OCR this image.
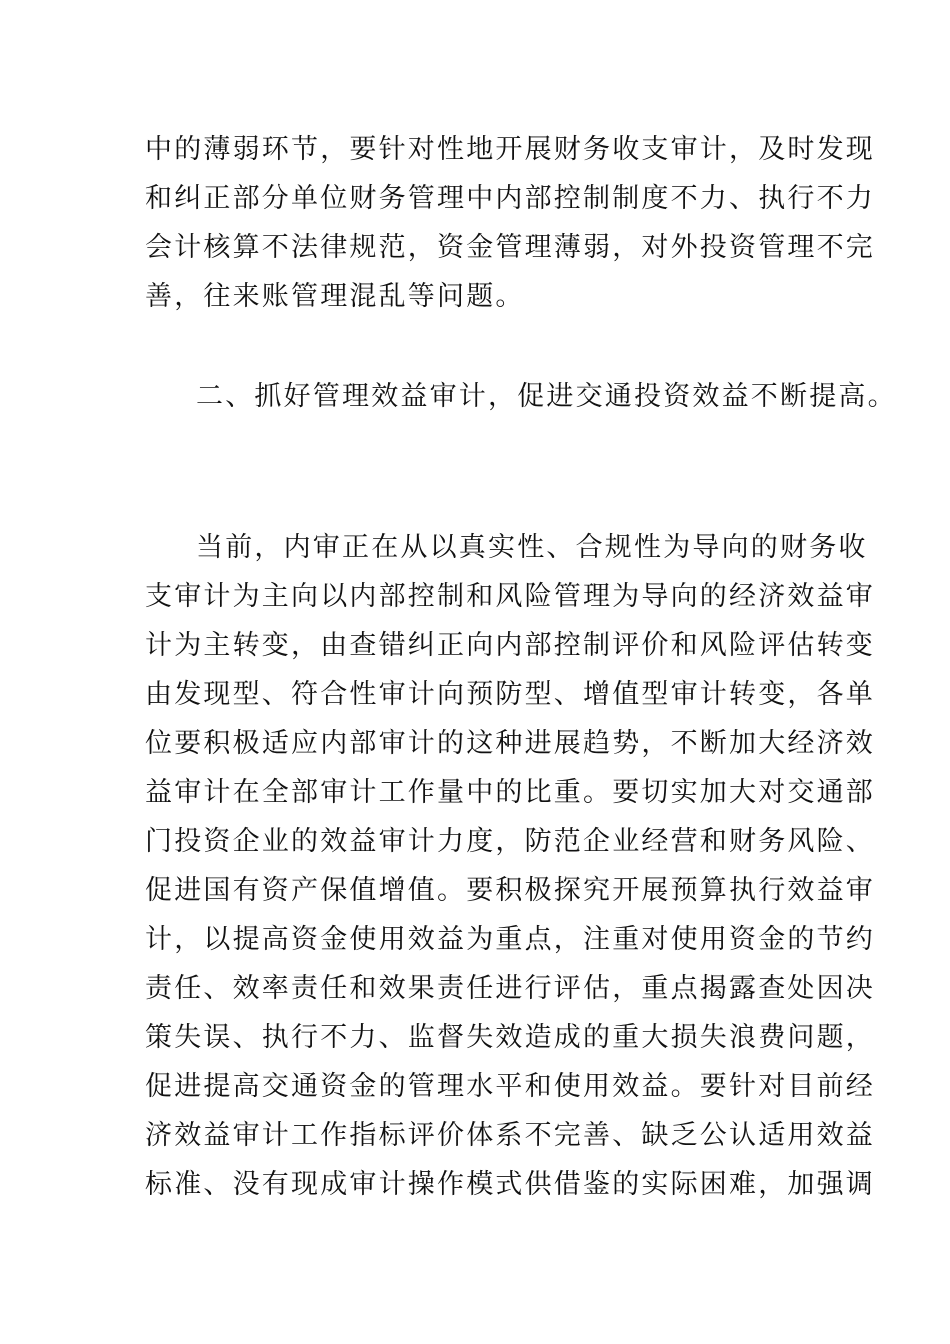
中的薄弱环节，要针对性地开展财务收支审计，及时发现
和纠正部分单位财务管理中内部控制制度不力、执行不力
会计核算不法律规范，资金管理薄弱，对外投资管理不完
善，往来账管理混乱等问题。
二、抓好管理效益审计，促进交通投资效益不断提高。
当前，内审正在从以真实性、合规性为导向的财务收
支审计为主向以内部控制和风险管理为导向的经济效益审
计为主转变，由查错纠正向内部控制评价和风险评估转变
由发现型、符合性审计向预防型、增值型审计转变，各单
位要积极适应内部审计的这种进展趋势，不断加大经济效
益审计在全部审计工作量中的比重。要切实加大对交通部
门投资企业的效益审计力度，防范企业经营和财务风险、
促进国有资产保值增值。要积极探究开展预算执行效益审
计，以提高资金使用效益为重点，注重对使用资金的节约
责任、效率责任和效果责任进行评估，重点揭露查处因决
策失误、执行不力、监督失效造成的重大损失浪费问题，
促进提高交通资金的管理水平和使用效益。要针对目前经
济效益审计工作指标评价体系不完善、缺乏公认适用效益
标准、没有现成审计操作模式供借鉴的实际困难，加强调
